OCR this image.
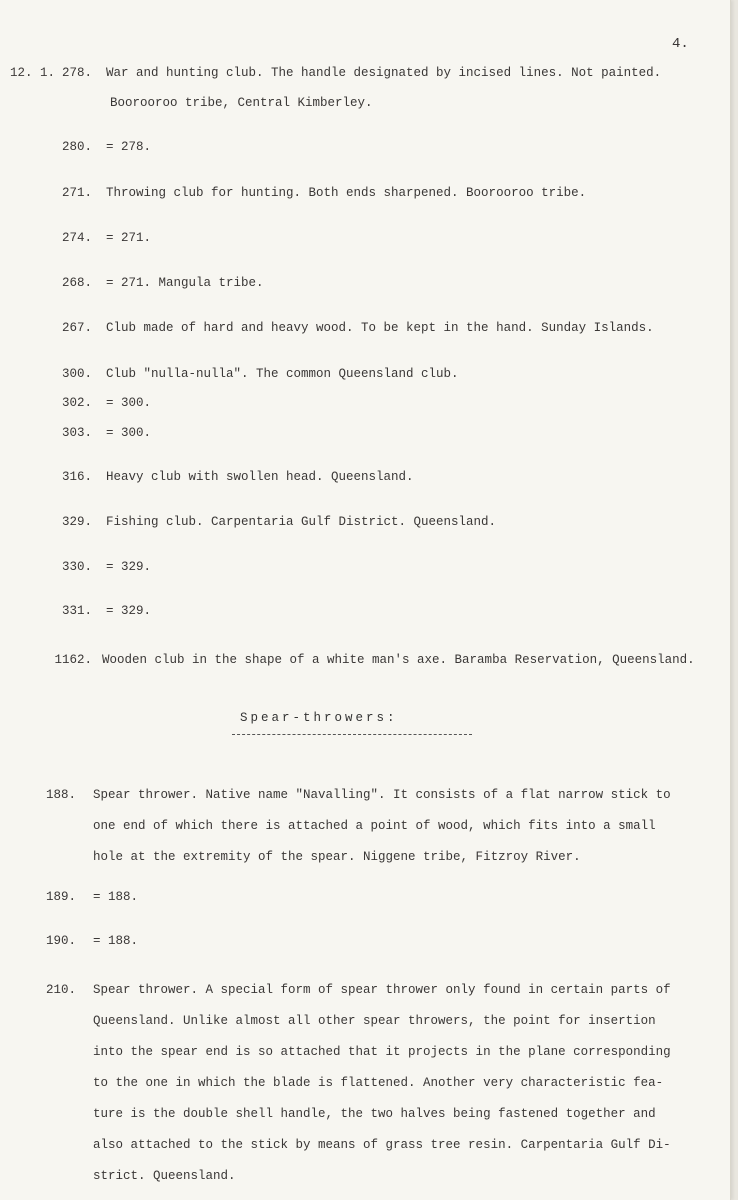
4.
12. 1. 278. War and hunting club. The handle designated by incised lines. Not painted.
Boorooroo tribe, Central Kimberley.
280. = 278.
271. Throwing club for hunting. Both ends sharpened. Boorooroo tribe.
274. = 271.
268. = 271. Mangula tribe.
267. Club made of hard and heavy wood. To be kept in the hand. Sunday Islands.
300. Club "nulla-nulla". The common Queensland club.
302. = 300.
303. = 300.
316. Heavy club with swollen head. Queensland.
329. Fishing club. Carpentaria Gulf District. Queensland.
330. = 329.
331. = 329.
1162. Wooden club in the shape of a white man's axe. Baramba Reservation, Queensland.
Spear-throwers:
188. Spear thrower. Native name "Navalling". It consists of a flat narrow stick to
one end of which there is attached a point of wood, which fits into a small
hole at the extremity of the spear. Niggene tribe, Fitzroy River.
189. = 188.
190. = 188.
210. Spear thrower. A special form of spear thrower only found in certain parts of
Queensland. Unlike almost all other spear throwers, the point for insertion
into the spear end is so attached that it projects in the plane corresponding
to the one in which the blade is flattened. Another very characteristic fea-
ture is the double shell handle, the two halves being fastened together and
also attached to the stick by means of grass tree resin. Carpentaria Gulf Di-
strict. Queensland.
